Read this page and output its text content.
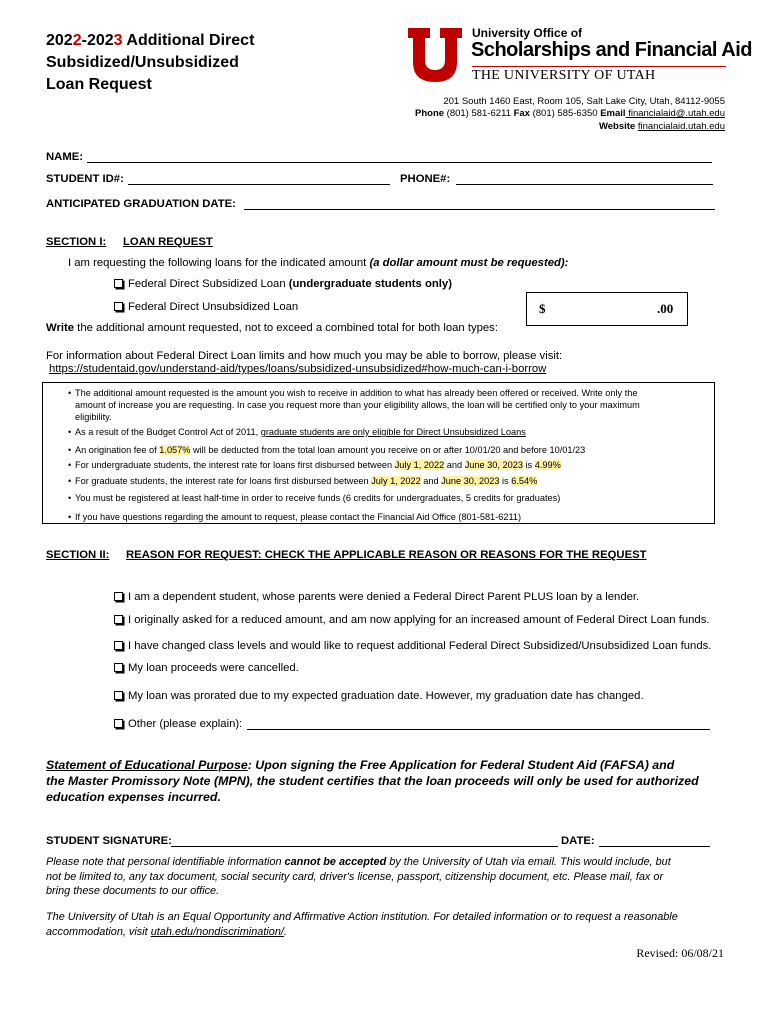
2022-2023 Additional Direct
Subsidized/Unsubsidized
Loan Request
University Office of
Scholarships and Financial Aid
THE UNIVERSITY OF UTAH
201 South 1460 East, Room 105, Salt Lake City, Utah, 84112-9055
Phone (801) 581-6211 Fax (801) 585-6350 Email financialaid@.utah.edu
Website financialaid.utah.edu
NAME:
STUDENT ID#:	PHONE#:
ANTICIPATED GRADUATION DATE:
SECTION I: LOAN REQUEST
I am requesting the following loans for the indicated amount (a dollar amount must be requested):
Federal Direct Subsidized Loan (undergraduate students only)
Federal Direct Unsubsidized Loan	$	.00
Write the additional amount requested, not to exceed a combined total for both loan types:
For information about Federal Direct Loan limits and how much you may be able to borrow, please visit:
https://studentaid.gov/understand-aid/types/loans/subsidized-unsubsidized#how-much-can-i-borrow
• The additional amount requested is the amount you wish to receive in addition to what has already been offered or received. Write only the
amount of increase you are requesting. In case you request more than your eligibility allows, the loan will be certified only to your maximum
eligibility.
• As a result of the Budget Control Act of 2011, graduate students are only eligible for Direct Unsubsidized Loans
• An origination fee of 1.057% will be deducted from the total loan amount you receive on or after 10/01/20 and before 10/01/23
• For undergraduate students, the interest rate for loans first disbursed between July 1, 2022 and June 30, 2023 is 4.99%
• For graduate students, the interest rate for loans first disbursed between July 1, 2022 and June 30, 2023 is 6.54%
• You must be registered at least half-time in order to receive funds (6 credits for undergraduates, 5 credits for graduates)
• If you have questions regarding the amount to request, please contact the Financial Aid Office (801-581-6211)
SECTION II: REASON FOR REQUEST: CHECK THE APPLICABLE REASON OR REASONS FOR THE REQUEST
I am a dependent student, whose parents were denied a Federal Direct Parent PLUS loan by a lender.
I originally asked for a reduced amount, and am now applying for an increased amount of Federal Direct Loan funds.
I have changed class levels and would like to request additional Federal Direct Subsidized/Unsubsidized Loan funds.
My loan proceeds were cancelled.
My loan was prorated due to my expected graduation date. However, my graduation date has changed.
Other (please explain):
Statement of Educational Purpose: Upon signing the Free Application for Federal Student Aid (FAFSA) and
the Master Promissory Note (MPN), the student certifies that the loan proceeds will only be used for authorized
education expenses incurred.
STUDENT SIGNATURE:	DATE:
Please note that personal identifiable information cannot be accepted by the University of Utah via email. This would include, but
not be limited to, any tax document, social security card, driver's license, passport, citizenship document, etc. Please mail, fax or
bring these documents to our office.
The University of Utah is an Equal Opportunity and Affirmative Action institution. For detailed information or to request a reasonable
accommodation, visit utah.edu/nondiscrimination/.
Revised: 06/08/21
